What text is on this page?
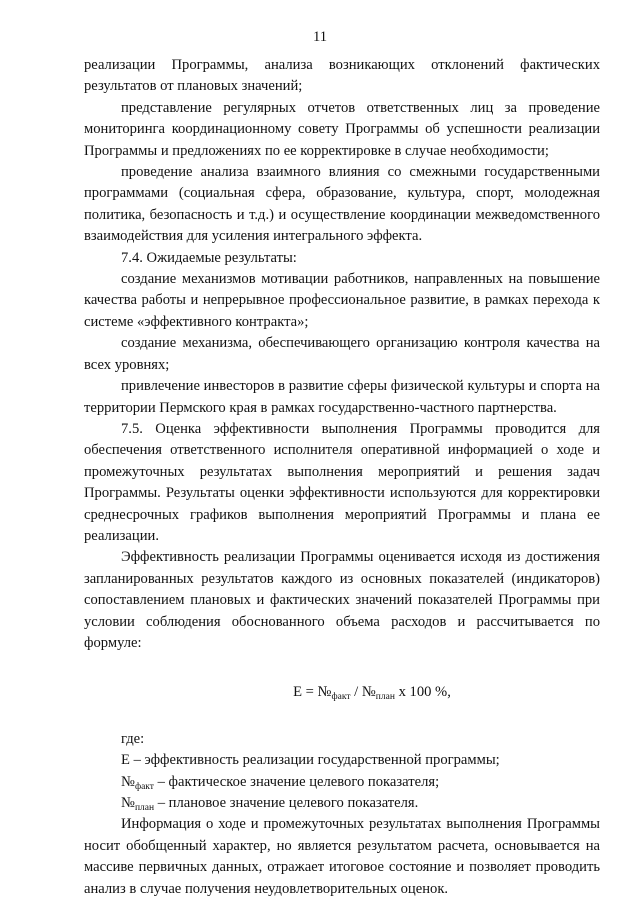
11

реализации Программы, анализа возникающих отклонений фактических результатов от плановых значений;

представление регулярных отчетов ответственных лиц за проведение мониторинга координационному совету Программы об успешности реализации Программы и предложениях по ее корректировке в случае необходимости;

проведение анализа взаимного влияния со смежными государственными программами (социальная сфера, образование, культура, спорт, молодежная политика, безопасность и т.д.) и осуществление координации межведомственного взаимодействия для усиления интегрального эффекта.

7.4. Ожидаемые результаты:

создание механизмов мотивации работников, направленных на повышение качества работы и непрерывное профессиональное развитие, в рамках перехода к системе «эффективного контракта»;

создание механизма, обеспечивающего организацию контроля качества на всех уровнях;

привлечение инвесторов в развитие сферы физической культуры и спорта на территории Пермского края в рамках государственно-частного партнерства.

7.5. Оценка эффективности выполнения Программы проводится для обеспечения ответственного исполнителя оперативной информацией о ходе и промежуточных результатах выполнения мероприятий и решения задач Программы. Результаты оценки эффективности используются для корректировки среднесрочных графиков выполнения мероприятий Программы и плана ее реализации.

Эффективность реализации Программы оценивается исходя из достижения запланированных результатов каждого из основных показателей (индикаторов) сопоставлением плановых и фактических значений показателей Программы при условии соблюдения обоснованного объема расходов и рассчитывается по формуле:

$Е = №_{факт}$ / $№_{план}$ х 100 %,

где:

Е – эффективность реализации государственной программы;

$№_{факт}$ – фактическое значение целевого показателя;

$№_{план}$ – плановое значение целевого показателя.

Информация о ходе и промежуточных результатах выполнения Программы носит обобщенный характер, но является результатом расчета, основывается на массиве первичных данных, отражает итоговое состояние и позволяет проводить анализ в случае получения неудовлетворительных оценок.
